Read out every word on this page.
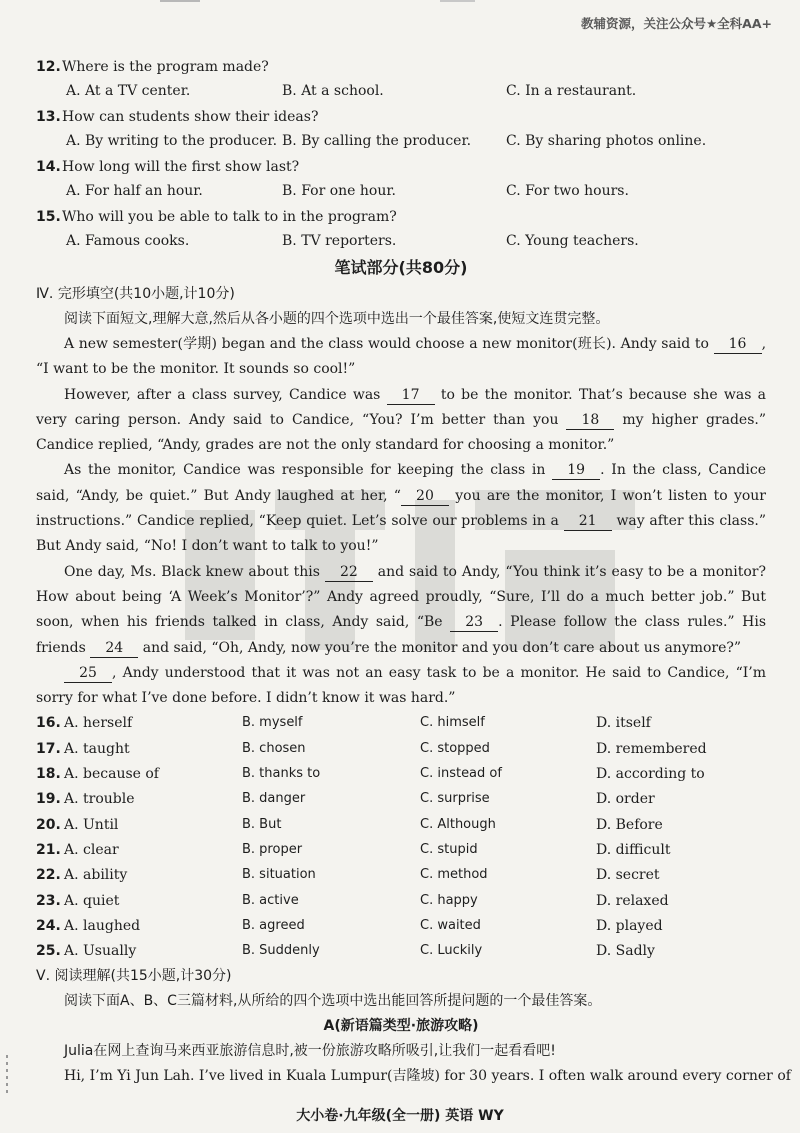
教辅资源，关注公众号★全科AA+
12. Where is the program made?
A. At a TV center.	B. At a school.	C. In a restaurant.
13. How can students show their ideas?
A. By writing to the producer. B. By calling the producer. C. By sharing photos online.
14. How long will the first show last?
A. For half an hour.	B. For one hour.	C. For two hours.
15. Who will you be able to talk to in the program?
A. Famous cooks.	B. TV reporters.	C. Young teachers.
笔试部分(共80分)
Ⅳ. 完形填空(共10小题,计10分)
阅读下面短文,理解大意,然后从各小题的四个选项中选出一个最佳答案,使短文连贯完整。
A new semester(学期) began and the class would choose a new monitor(班长). Andy said to 16 , “I want to be the monitor. It sounds so cool!”
However, after a class survey, Candice was 17 to be the monitor. That’s because she was a very caring person. Andy said to Candice, “You? I’m better than you 18 my higher grades.” Candice replied, “Andy, grades are not the only standard for choosing a monitor.”
As the monitor, Candice was responsible for keeping the class in 19 . In the class, Candice said, “Andy, be quiet.” But Andy laughed at her, “ 20 you are the monitor, I won’t listen to your instructions.” Candice replied, “Keep quiet. Let’s solve our problems in a 21 way after this class.” But Andy said, “No! I don’t want to talk to you!”
One day, Ms. Black knew about this 22 and said to Andy, “You think it’s easy to be a monitor? How about being ‘A Week’s Monitor’?” Andy agreed proudly, “Sure, I’ll do a much better job.” But soon, when his friends talked in class, Andy said, “Be 23 . Please follow the class rules.” His friends 24 and said, “Oh, Andy, now you’re the monitor and you don’t care about us anymore?”
25 , Andy understood that it was not an easy task to be a monitor. He said to Candice, “I’m sorry for what I’ve done before. I didn’t know it was hard.”
16. A. herself	B. myself	C. himself	D. itself
17. A. taught	B. chosen	C. stopped	D. remembered
18. A. because of	B. thanks to	C. instead of	D. according to
19. A. trouble	B. danger	C. surprise	D. order
20. A. Until	B. But	C. Although	D. Before
21. A. clear	B. proper	C. stupid	D. difficult
22. A. ability	B. situation	C. method	D. secret
23. A. quiet	B. active	C. happy	D. relaxed
24. A. laughed	B. agreed	C. waited	D. played
25. A. Usually	B. Suddenly	C. Luckily	D. Sadly
Ⅴ. 阅读理解(共15小题,计30分)
阅读下面A、B、C三篇材料,从所给的四个选项中选出能回答所提问题的一个最佳答案。
A(新语篇类型·旅游攻略)
Julia在网上查询马来西亚旅游信息时,被一份旅游攻略所吸引,让我们一起看看吧!
Hi, I’m Yi Jun Lah. I’ve lived in Kuala Lumpur(吉隆坡) for 30 years. I often walk around every corner of
大小卷·九年级(全一册) 英语 WY
